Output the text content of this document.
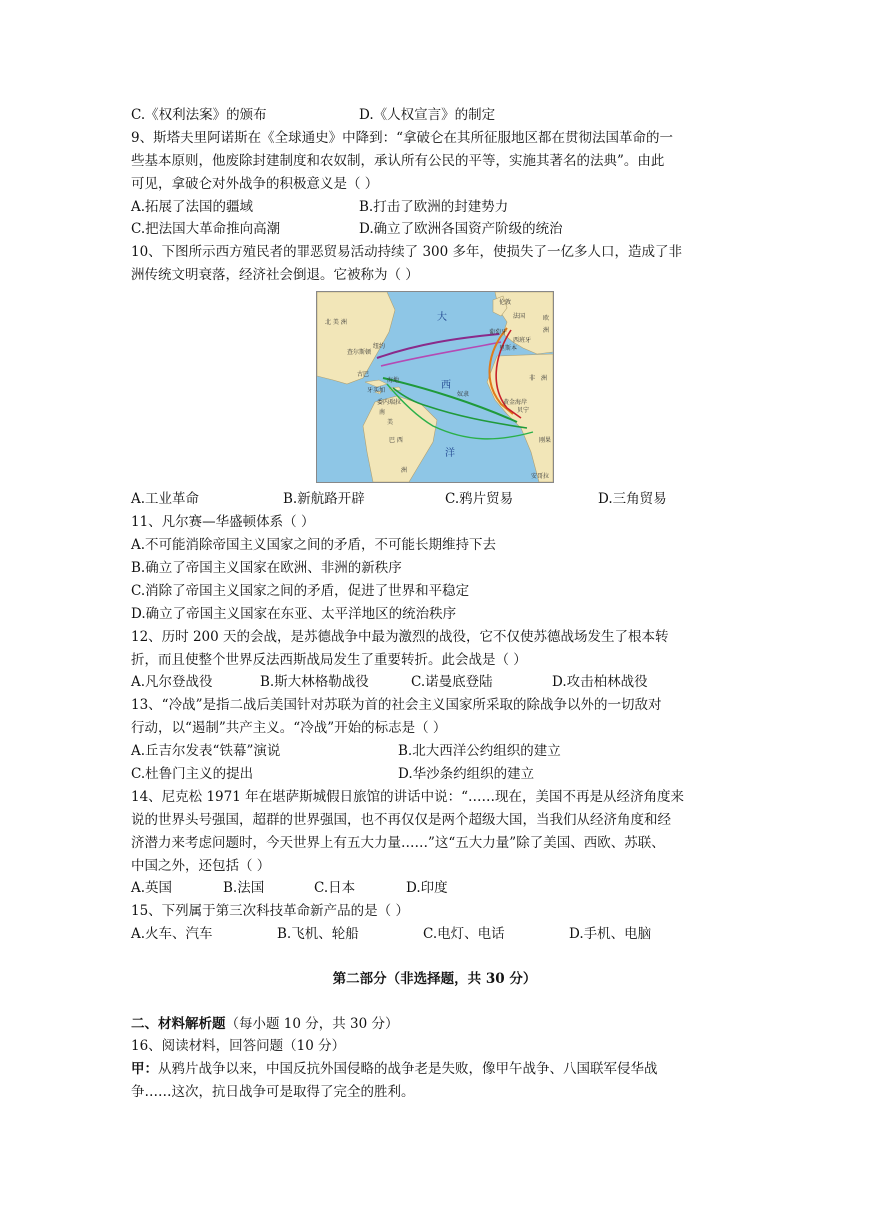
C.《权利法案》的颁布	D.《人权宣言》的制定
9、斯塔夫里阿诺斯在《全球通史》中降到：“拿破仑在其所征服地区都在贯彻法国革命的一
些基本原则，他废除封建制度和农奴制，承认所有公民的平等，实施其著名的法典”。由此
可见，拿破仑对外战争的积极意义是（ ）
A.拓展了法国的疆域	B.打击了欧洲的封建势力
C.把法国大革命推向高潮	D.确立了欧洲各国资产阶级的统治
10、下图所示西方殖民者的罪恶贸易活动持续了 300 多年，使损失了一亿多人口，造成了非
洲传统文明衰落，经济社会倒退。它被称为（ ）
大
西
洋
北 美 洲
欧
洲
非 洲
南
美
巴 西
洲
伦敦
法国
里斯本
西班牙
葡萄牙
查尔斯顿
纽约
古巴
海地
牙买加
委内瑞拉
奴隶
黄金海岸
安哥拉
贝宁
刚果
A.工业革命	B.新航路开辟	C.鸦片贸易	D.三角贸易
11、凡尔赛—华盛顿体系（ ）
A.不可能消除帝国主义国家之间的矛盾，不可能长期维持下去
B.确立了帝国主义国家在欧洲、非洲的新秩序
C.消除了帝国主义国家之间的矛盾，促进了世界和平稳定
D.确立了帝国主义国家在东亚、太平洋地区的统治秩序
12、历时 200 天的会战，是苏德战争中最为激烈的战役，它不仅使苏德战场发生了根本转
折，而且使整个世界反法西斯战局发生了重要转折。此会战是（ ）
A.凡尔登战役	B.斯大林格勒战役	C.诺曼底登陆	D.攻击柏林战役
13、“冷战”是指二战后美国针对苏联为首的社会主义国家所采取的除战争以外的一切敌对
行动，以“遏制”共产主义。“冷战”开始的标志是（ ）
A.丘吉尔发表“铁幕”演说	B.北大西洋公约组织的建立
C.杜鲁门主义的提出	D.华沙条约组织的建立
14、尼克松 1971 年在堪萨斯城假日旅馆的讲话中说：“……现在，美国不再是从经济角度来
说的世界头号强国，超群的世界强国，也不再仅仅是两个超级大国，当我们从经济角度和经
济潜力来考虑问题时，今天世界上有五大力量……”这“五大力量”除了美国、西欧、苏联、
中国之外，还包括（ ）
A.英国	B.法国	C.日本	D.印度
15、下列属于第三次科技革命新产品的是（ ）
A.火车、汽车	B.飞机、轮船	C.电灯、电话	D.手机、电脑
第二部分（非选择题，共 30 分）
二、材料解析题（每小题 10 分，共 30 分）
16、阅读材料，回答问题（10 分）
甲：从鸦片战争以来，中国反抗外国侵略的战争老是失败，像甲午战争、八国联军侵华战
争……这次，抗日战争可是取得了完全的胜利。
